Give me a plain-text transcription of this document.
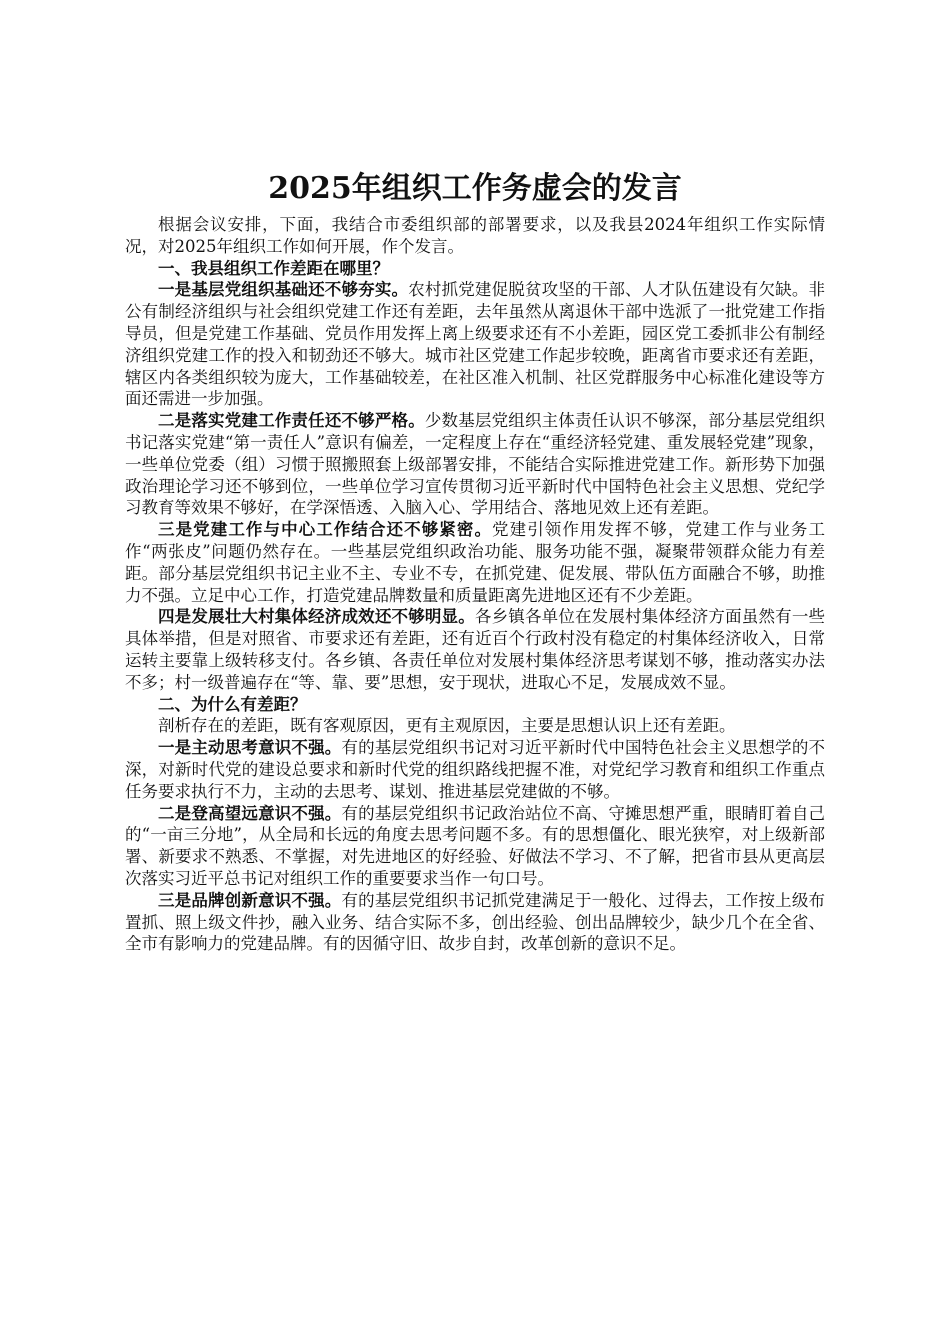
2025年组织工作务虚会的发言

根据会议安排，下面，我结合市委组织部的部署要求，以及我县2024年组织工作实际情况，对2025年组织工作如何开展，作个发言。

一、我县组织工作差距在哪里？

一是基层党组织基础还不够夯实。农村抓党建促脱贫攻坚的干部、人才队伍建设有欠缺。非公有制经济组织与社会组织党建工作还有差距，去年虽然从离退休干部中选派了一批党建工作指导员，但是党建工作基础、党员作用发挥上离上级要求还有不小差距，园区党工委抓非公有制经济组织党建工作的投入和韧劲还不够大。城市社区党建工作起步较晚，距离省市要求还有差距，辖区内各类组织较为庞大，工作基础较差，在社区准入机制、社区党群服务中心标准化建设等方面还需进一步加强。

二是落实党建工作责任还不够严格。少数基层党组织主体责任认识不够深，部分基层党组织书记落实党建“第一责任人”意识有偏差，一定程度上存在“重经济轻党建、重发展轻党建”现象，一些单位党委（组）习惯于照搬照套上级部署安排，不能结合实际推进党建工作。新形势下加强政治理论学习还不够到位，一些单位学习宣传贯彻习近平新时代中国特色社会主义思想、党纪学习教育等效果不够好，在学深悟透、入脑入心、学用结合、落地见效上还有差距。

三是党建工作与中心工作结合还不够紧密。党建引领作用发挥不够，党建工作与业务工作“两张皮”问题仍然存在。一些基层党组织政治功能、服务功能不强，凝聚带领群众能力有差距。部分基层党组织书记主业不主、专业不专，在抓党建、促发展、带队伍方面融合不够，助推力不强。立足中心工作，打造党建品牌数量和质量距离先进地区还有不少差距。

四是发展壮大村集体经济成效还不够明显。各乡镇各单位在发展村集体经济方面虽然有一些具体举措，但是对照省、市要求还有差距，还有近百个行政村没有稳定的村集体经济收入，日常运转主要靠上级转移支付。各乡镇、各责任单位对发展村集体经济思考谋划不够，推动落实办法不多；村一级普遍存在“等、靠、要”思想，安于现状，进取心不足，发展成效不显。

二、为什么有差距？

剖析存在的差距，既有客观原因，更有主观原因，主要是思想认识上还有差距。

一是主动思考意识不强。有的基层党组织书记对习近平新时代中国特色社会主义思想学的不深，对新时代党的建设总要求和新时代党的组织路线把握不准，对党纪学习教育和组织工作重点任务要求执行不力，主动的去思考、谋划、推进基层党建做的不够。

二是登高望远意识不强。有的基层党组织书记政治站位不高、守摊思想严重，眼睛盯着自己的“一亩三分地”，从全局和长远的角度去思考问题不多。有的思想僵化、眼光狭窄，对上级新部署、新要求不熟悉、不掌握，对先进地区的好经验、好做法不学习、不了解，把省市县从更高层次落实习近平总书记对组织工作的重要要求当作一句口号。

三是品牌创新意识不强。有的基层党组织书记抓党建满足于一般化、过得去，工作按上级布置抓、照上级文件抄，融入业务、结合实际不多，创出经验、创出品牌较少，缺少几个在全省、全市有影响力的党建品牌。有的因循守旧、故步自封，改革创新的意识不足。
